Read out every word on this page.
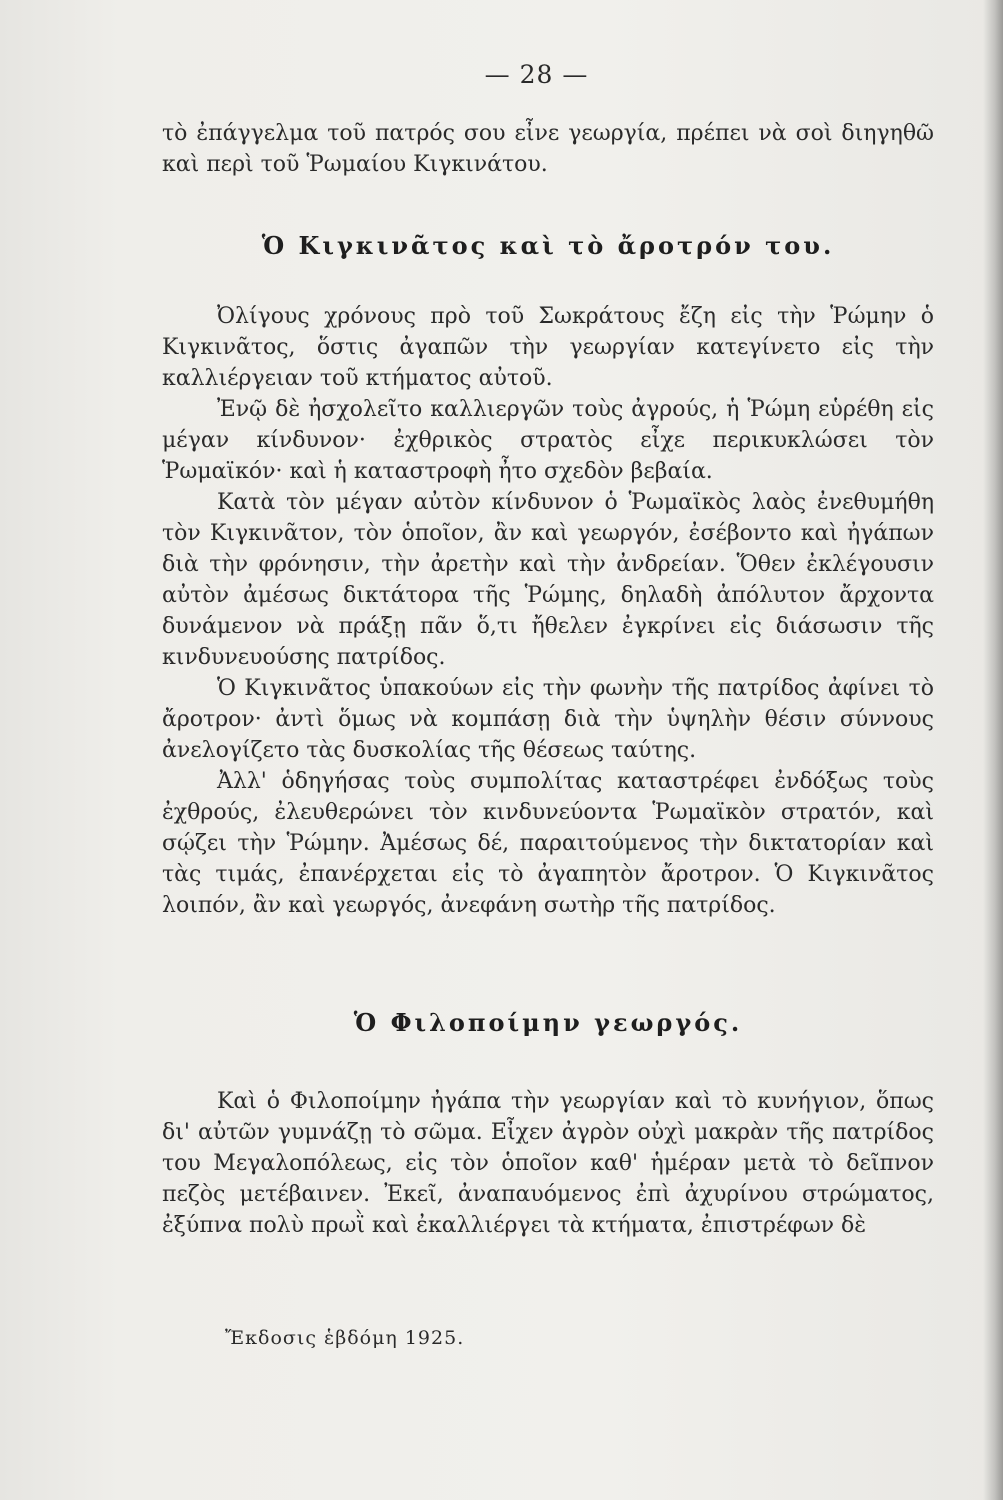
— 28 —

τὸ ἐπάγγελμα τοῦ πατρός σου εἶνε γεωργία, πρέπει νὰ σοὶ διηγηθῶ καὶ περὶ τοῦ Ῥωμαίου Κιγκινάτου.

Ὁ Κιγκινᾶτος καὶ τὸ ἄροτρόν του.

Ὀλίγους χρόνους πρὸ τοῦ Σωκράτους ἔζη εἰς τὴν Ῥώμην ὁ Κιγκινᾶτος, ὅστις ἀγαπῶν τὴν γεωργίαν κατεγίνετο εἰς τὴν καλλιέργειαν τοῦ κτήματος αὐτοῦ.

Ἐνῷ δὲ ἠσχολεῖτο καλλιεργῶν τοὺς ἀγρούς, ἡ Ῥώμη εὑρέθη εἰς μέγαν κίνδυνον· ἐχθρικὸς στρατὸς εἶχε περικυκλώσει τὸν Ῥωμαϊκόν· καὶ ἡ καταστροφὴ ἦτο σχεδὸν βεβαία.

Κατὰ τὸν μέγαν αὐτὸν κίνδυνον ὁ Ῥωμαϊκὸς λαὸς ἐνεθυμήθη τὸν Κιγκινᾶτον, τὸν ὁποῖον, ἂν καὶ γεωργόν, ἐσέβοντο καὶ ἠγάπων διὰ τὴν φρόνησιν, τὴν ἀρετὴν καὶ τὴν ἀνδρείαν. Ὅθεν ἐκλέγουσιν αὐτὸν ἀμέσως δικτάτορα τῆς Ῥώμης, δηλαδὴ ἀπόλυτον ἄρχοντα δυνάμενον νὰ πράξῃ πᾶν ὅ,τι ἤθελεν ἐγκρίνει εἰς διάσωσιν τῆς κινδυνευούσης πατρίδος.

Ὁ Κιγκινᾶτος ὑπακούων εἰς τὴν φωνὴν τῆς πατρίδος ἀφίνει τὸ ἄροτρον· ἀντὶ ὅμως νὰ κομπάσῃ διὰ τὴν ὑψηλὴν θέσιν σύννους ἀνελογίζετο τὰς δυσκολίας τῆς θέσεως ταύτης.

Ἀλλ' ὁδηγήσας τοὺς συμπολίτας καταστρέφει ἐνδόξως τοὺς ἐχθρούς, ἐλευθερώνει τὸν κινδυνεύοντα Ῥωμαϊκὸν στρατόν, καὶ σῴζει τὴν Ῥώμην. Ἀμέσως δέ, παραιτούμενος τὴν δικτατορίαν καὶ τὰς τιμάς, ἐπανέρχεται εἰς τὸ ἀγαπητὸν ἄροτρον. Ὁ Κιγκινᾶτος λοιπόν, ἂν καὶ γεωργός, ἀνεφάνη σωτὴρ τῆς πατρίδος.

Ὁ Φιλοποίμην γεωργός.

Καὶ ὁ Φιλοποίμην ἠγάπα τὴν γεωργίαν καὶ τὸ κυνήγιον, ὅπως δι' αὐτῶν γυμνάζῃ τὸ σῶμα. Εἶχεν ἀγρὸν οὐχὶ μακρὰν τῆς πατρίδος του Μεγαλοπόλεως, εἰς τὸν ὁποῖον καθ' ἡμέραν μετὰ τὸ δεῖπνον πεζὸς μετέβαινεν. Ἐκεῖ, ἀναπαυόμενος ἐπὶ ἀχυρίνου στρώματος, ἐξύπνα πολὺ πρωῒ καὶ ἐκαλλιέργει τὰ κτήματα, ἐπιστρέφων δὲ

Ἔκδοσις ἑβδόμη 1925.
